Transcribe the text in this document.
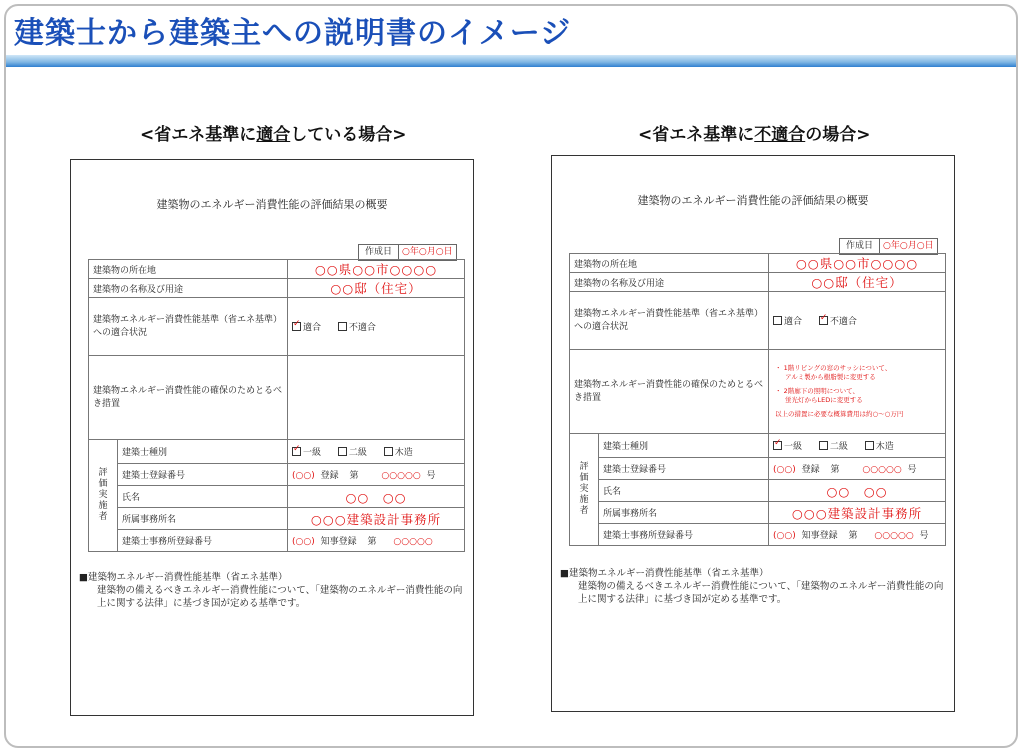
建築士から建築主への説明書のイメージ
<省エネ基準に適合している場合>
建築物のエネルギー消費性能の評価結果の概要
作成日	○年○月○日
建築物の所在地		○○県○○市○○○○
建築物の名称及び用途		○○邸（住宅）
建築物エネルギー消費性能基準（省エネ基準）への適合状況	✓適合 不適合
建築物エネルギー消費性能の確保のためとるべき措置		
評価実施者	建築士種別	✓一級 二級 木造
	建築士登録番号	(○○) 登録 第 ○○○○○ 号
	氏名	○○　○○
	所属事務所名	○○○建築設計事務所
	建築士事務所登録番号	(○○) 知事登録 第 ○○○○○
■建築物エネルギー消費性能基準（省エネ基準）
建築物の備えるべきエネルギー消費性能について、「建築物のエネルギー消費性能の向上に関する法律」に基づき国が定める基準です。
<省エネ基準に不適合の場合>
建築物のエネルギー消費性能の評価結果の概要
作成日	○年○月○日
建築物の所在地		○○県○○市○○○○
建築物の名称及び用途		○○邸（住宅）
建築物エネルギー消費性能基準（省エネ基準）への適合状況		適合 ✓ 不適合
建築物エネルギー消費性能の確保のためとるべき措置		・ 1階リビングの窓のサッシについて、
アルミ製から樹脂製に変更する
・ 2階廊下の照明について、
蛍光灯からLEDに変更する
以上の措置に必要な概算費用は約○～○万円

評価実施者	建築士種別	✓一級 二級 木造
	建築士登録番号	(○○) 登録 第 ○○○○○ 号
	氏名	○○　○○
	所属事務所名	○○○建築設計事務所
	建築士事務所登録番号	(○○) 知事登録 第 ○○○○○ 号
■建築物エネルギー消費性能基準（省エネ基準）
建築物の備えるべきエネルギー消費性能について、「建築物のエネルギー消費性能の向上に関する法律」に基づき国が定める基準です。
